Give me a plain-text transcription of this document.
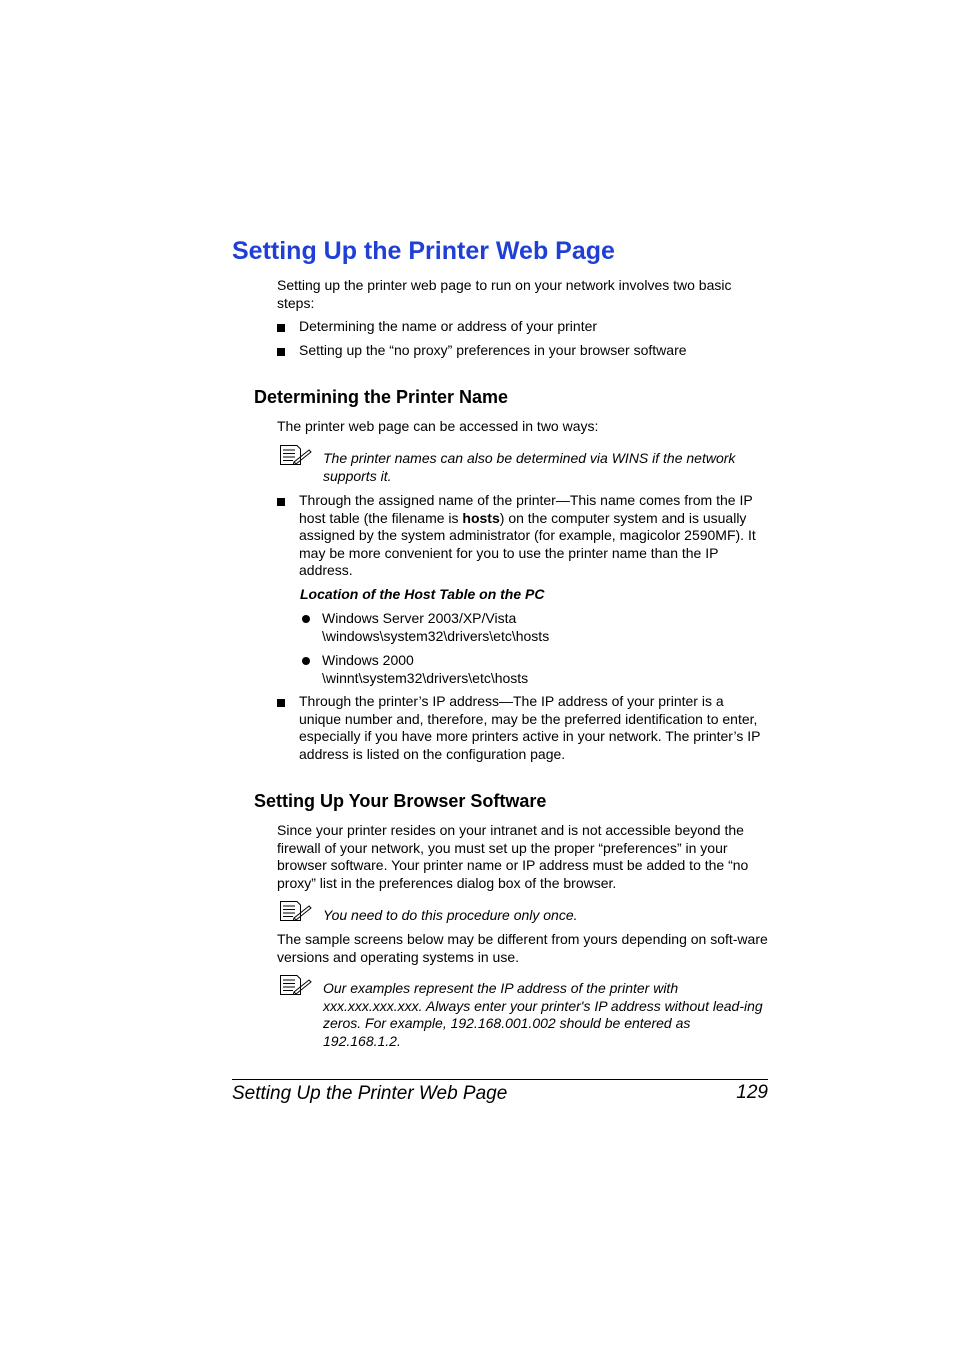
Setting Up the Printer Web Page

Setting up the printer web page to run on your network involves two basic steps:

Determining the name or address of your printer
Setting up the “no proxy” preferences in your browser software
Determining the Printer Name

The printer web page can be accessed in two ways:

The printer names can also be determined via WINS if the network supports it.
Through the assigned name of the printer—This name comes from the IP host table (the filename is hosts) on the computer system and is usually assigned by the system administrator (for example, magicolor 2590MF). It may be more convenient for you to use the printer name than the IP address.
Location of the Host Table on the PC
Windows Server 2003/XP/Vista
\windows\system32\drivers\etc\hosts
Windows 2000
\winnt\system32\drivers\etc\hosts
Through the printer’s IP address—The IP address of your printer is a unique number and, therefore, may be the preferred identification to enter, especially if you have more printers active in your network. The printer’s IP address is listed on the configuration page.
Setting Up Your Browser Software

Since your printer resides on your intranet and is not accessible beyond the firewall of your network, you must set up the proper “preferences” in your browser software. Your printer name or IP address must be added to the “no proxy” list in the preferences dialog box of the browser.

You need to do this procedure only once.

The sample screens below may be different from yours depending on soft-ware versions and operating systems in use.

Our examples represent the IP address of the printer with xxx.xxx.xxx.xxx. Always enter your printer's IP address without lead-ing zeros. For example, 192.168.001.002 should be entered as 192.168.1.2.
Setting Up the Printer Web Page	129
